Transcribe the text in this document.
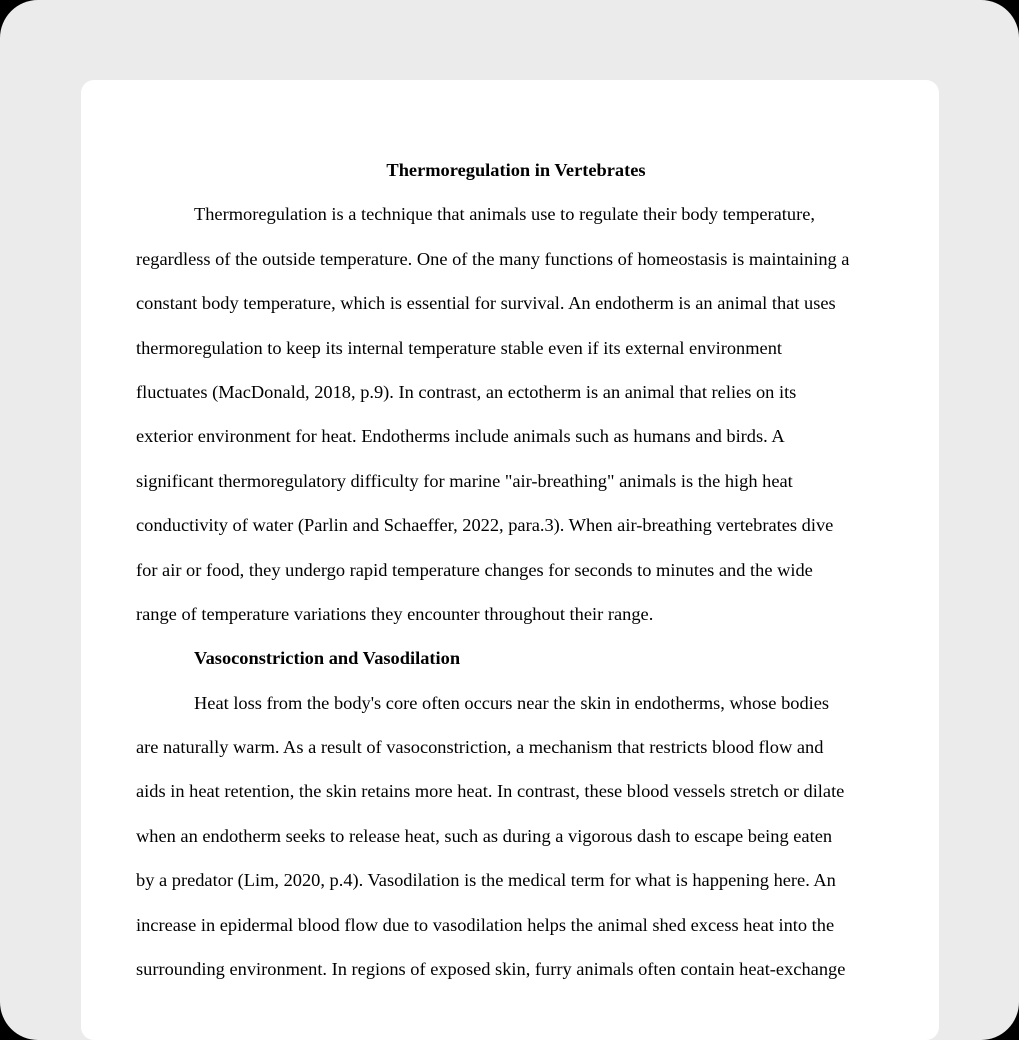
Thermoregulation in Vertebrates
Thermoregulation is a technique that animals use to regulate their body temperature,
regardless of the outside temperature. One of the many functions of homeostasis is maintaining a
constant body temperature, which is essential for survival. An endotherm is an animal that uses
thermoregulation to keep its internal temperature stable even if its external environment
fluctuates (MacDonald, 2018, p.9). In contrast, an ectotherm is an animal that relies on its
exterior environment for heat. Endotherms include animals such as humans and birds. A
significant thermoregulatory difficulty for marine "air-breathing" animals is the high heat
conductivity of water (Parlin and Schaeffer, 2022, para.3). When air-breathing vertebrates dive
for air or food, they undergo rapid temperature changes for seconds to minutes and the wide
range of temperature variations they encounter throughout their range.
Vasoconstriction and Vasodilation
Heat loss from the body's core often occurs near the skin in endotherms, whose bodies
are naturally warm. As a result of vasoconstriction, a mechanism that restricts blood flow and
aids in heat retention, the skin retains more heat. In contrast, these blood vessels stretch or dilate
when an endotherm seeks to release heat, such as during a vigorous dash to escape being eaten
by a predator (Lim, 2020, p.4). Vasodilation is the medical term for what is happening here. An
increase in epidermal blood flow due to vasodilation helps the animal shed excess heat into the
surrounding environment. In regions of exposed skin, furry animals often contain heat-exchange
